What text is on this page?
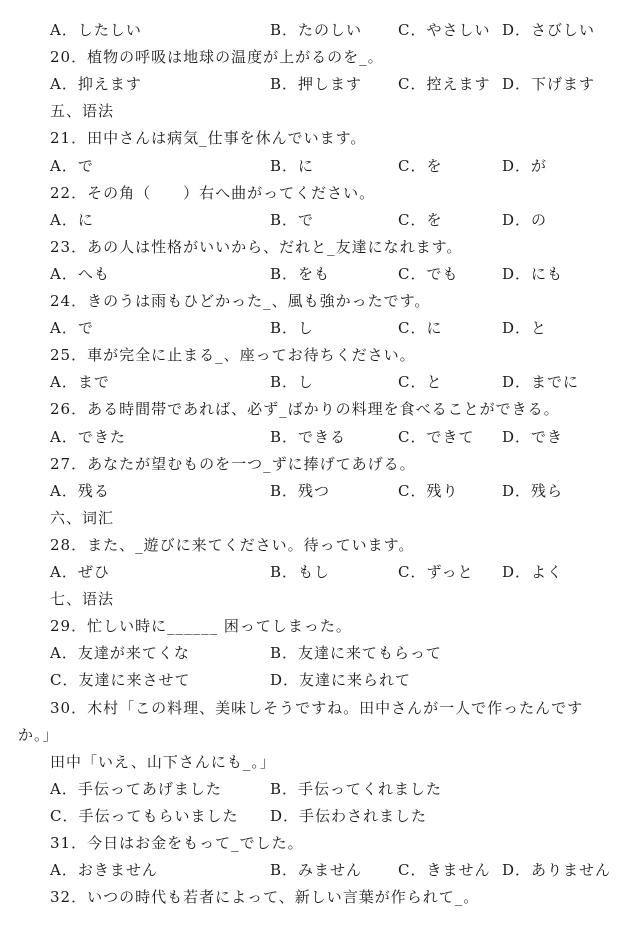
A．したしい	B．たのしい C．やさしい D．さびしい
20．植物の呼吸は地球の温度が上がるのを_。
A．抑えます	B．押します C．控えます D．下げます
五、语法
21．田中さんは病気_仕事を休んでいます。
A．で	B．に	C．を	D．が
22．その角（　　）右へ曲がってください。
A．に	B．で	C．を	D．の
23．あの人は性格がいいから、だれと_友達になれます。
A．へも	B．をも	C．でも	D．にも
24．きのうは雨もひどかった_、風も強かったです。
A．で	B．し	C．に	D．と
25．車が完全に止まる_、座ってお待ちください。
A．まで	B．し	C．と	D．までに
26．ある時間帯であれば、必ず_ばかりの料理を食べることができる。
A．できた	B．できる	C．できて D．でき
27．あなたが望むものを一つ_ずに捧げてあげる。
A．残る	B．残つ	C．残り	D．残ら
六、词汇
28．また、_遊びに来てください。待っています。
A．ぜひ	B．もし	C．ずっと D．よく
七、语法
29．忙しい時に______ 困ってしまった。
A．友達が来てくな	B．友達に来てもらって
C．友達に来させて	D．友達に来られて
30．木村「この料理、美味しそうですね。田中さんが一人で作ったんです
か。」
田中「いえ、山下さんにも_。」
A．手伝ってあげました	B．手伝ってくれました
C．手伝ってもらいました D．手伝わされました
31．今日はお金をもって_でした。
A．おきません	B．みません C．きません D．ありません
32．いつの時代も若者によって、新しい言葉が作られて_。
